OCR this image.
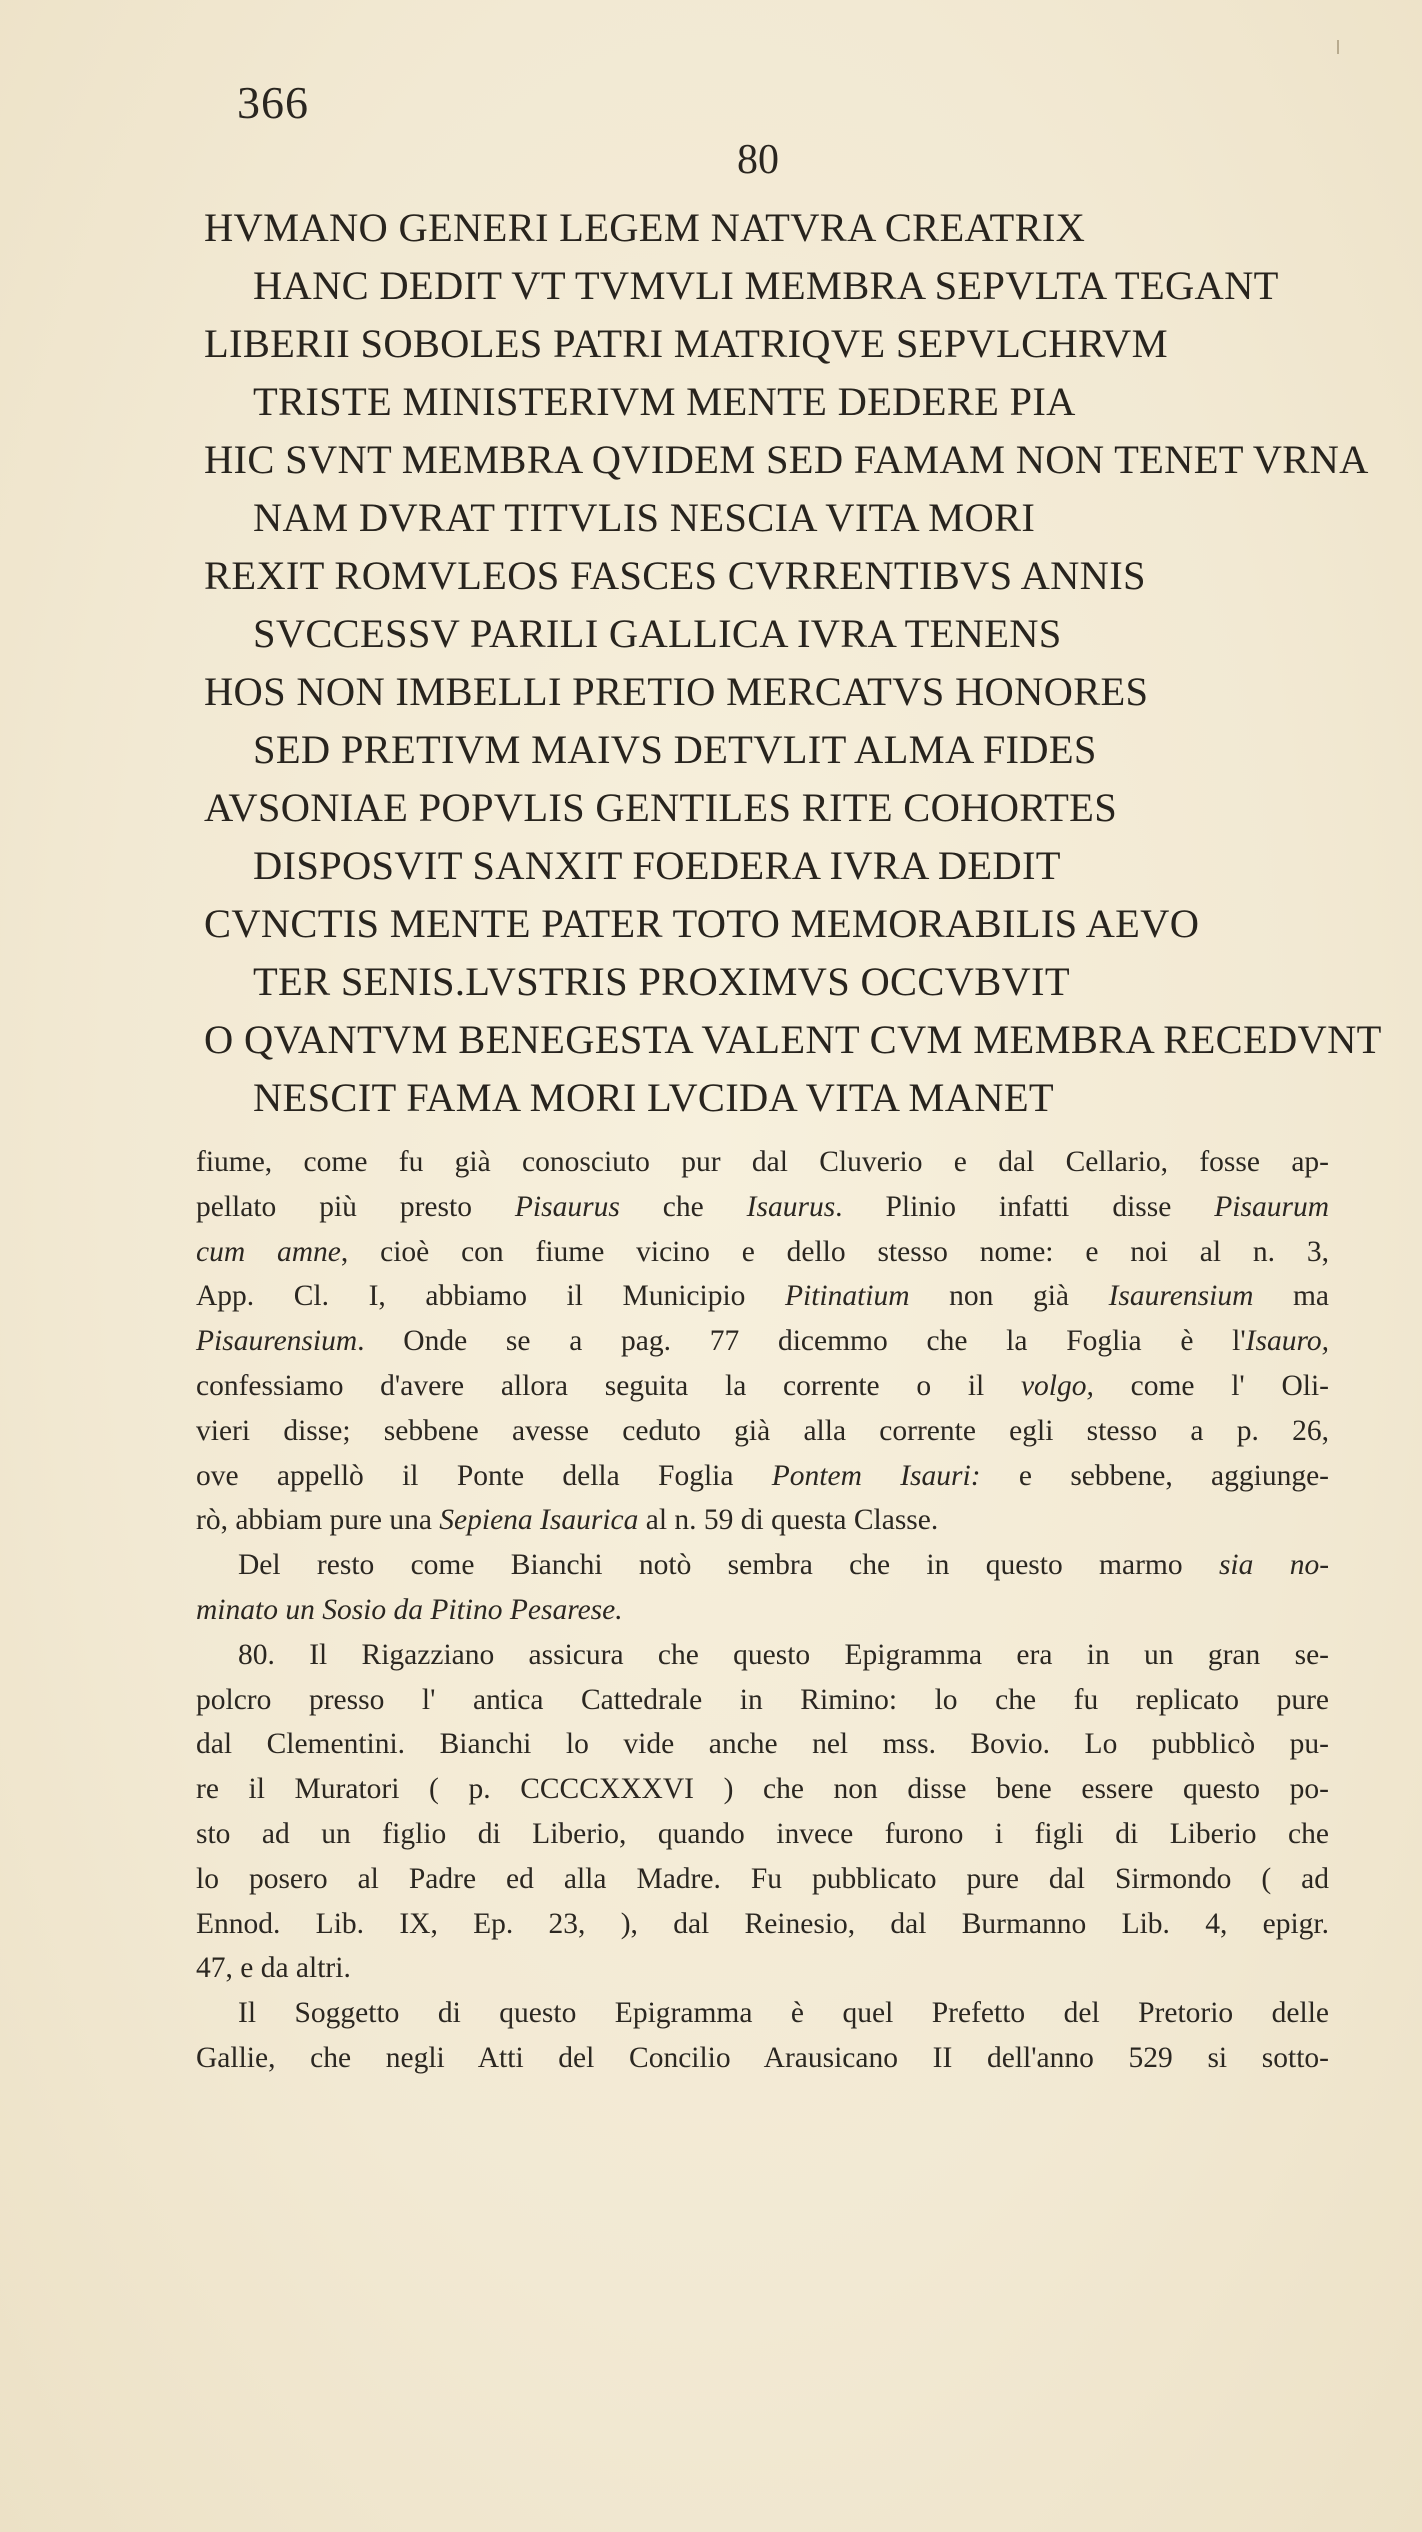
366
80
HVMANO GENERI LEGEM NATVRA CREATRIX
HANC DEDIT VT TVMVLI MEMBRA SEPVLTA TEGANT
LIBERII SOBOLES PATRI MATRIQVE SEPVLCHRVM
TRISTE MINISTERIVM MENTE DEDERE PIA
HIC SVNT MEMBRA QVIDEM SED FAMAM NON TENET VRNA
NAM DVRAT TITVLIS NESCIA VITA MORI
REXIT ROMVLEOS FASCES CVRRENTIBVS ANNIS
SVCCESSV PARILI GALLICA IVRA TENENS
HOS NON IMBELLI PRETIO MERCATVS HONORES
SED PRETIVM MAIVS DETVLIT ALMA FIDES
AVSONIAE POPVLIS GENTILES RITE COHORTES
DISPOSVIT SANXIT FOEDERA IVRA DEDIT
CVNCTIS MENTE PATER TOTO MEMORABILIS AEVO
TER SENIS.LVSTRIS PROXIMVS OCCVBVIT
O QVANTVM BENEGESTA VALENT CVM MEMBRA RECEDVNT
NESCIT FAMA MORI LVCIDA VITA MANET
fiume, come fu già conosciuto pur dal Cluverio e dal Cellario, fosse ap-
pellato più presto Pisaurus che Isaurus. Plinio infatti disse Pisaurum
cum amne, cioè con fiume vicino e dello stesso nome: e noi al n. 3,
App. Cl. I, abbiamo il Municipio Pitinatium non già Isaurensium ma
Pisaurensium. Onde se a pag. 77 dicemmo che la Foglia è l'Isauro,
confessiamo d'avere allora seguita la corrente o il volgo, come l' Oli-
vieri disse; sebbene avesse ceduto già alla corrente egli stesso a p. 26,
ove appellò il Ponte della Foglia Pontem Isauri: e sebbene, aggiunge-
rò, abbiam pure una Sepiena Isaurica al n. 59 di questa Classe.
Del resto come Bianchi notò sembra che in questo marmo sia no-
minato un Sosio da Pitino Pesarese.
80. Il Rigazziano assicura che questo Epigramma era in un gran se-
polcro presso l' antica Cattedrale in Rimino: lo che fu replicato pure
dal Clementini. Bianchi lo vide anche nel mss. Bovio. Lo pubblicò pu-
re il Muratori ( p. CCCCXXXVI ) che non disse bene essere questo po-
sto ad un figlio di Liberio, quando invece furono i figli di Liberio che
lo posero al Padre ed alla Madre. Fu pubblicato pure dal Sirmondo ( ad
Ennod. Lib. IX, Ep. 23, ), dal Reinesio, dal Burmanno Lib. 4, epigr.
47, e da altri.
Il Soggetto di questo Epigramma è quel Prefetto del Pretorio delle
Gallie, che negli Atti del Concilio Arausicano II dell'anno 529 si sotto-
